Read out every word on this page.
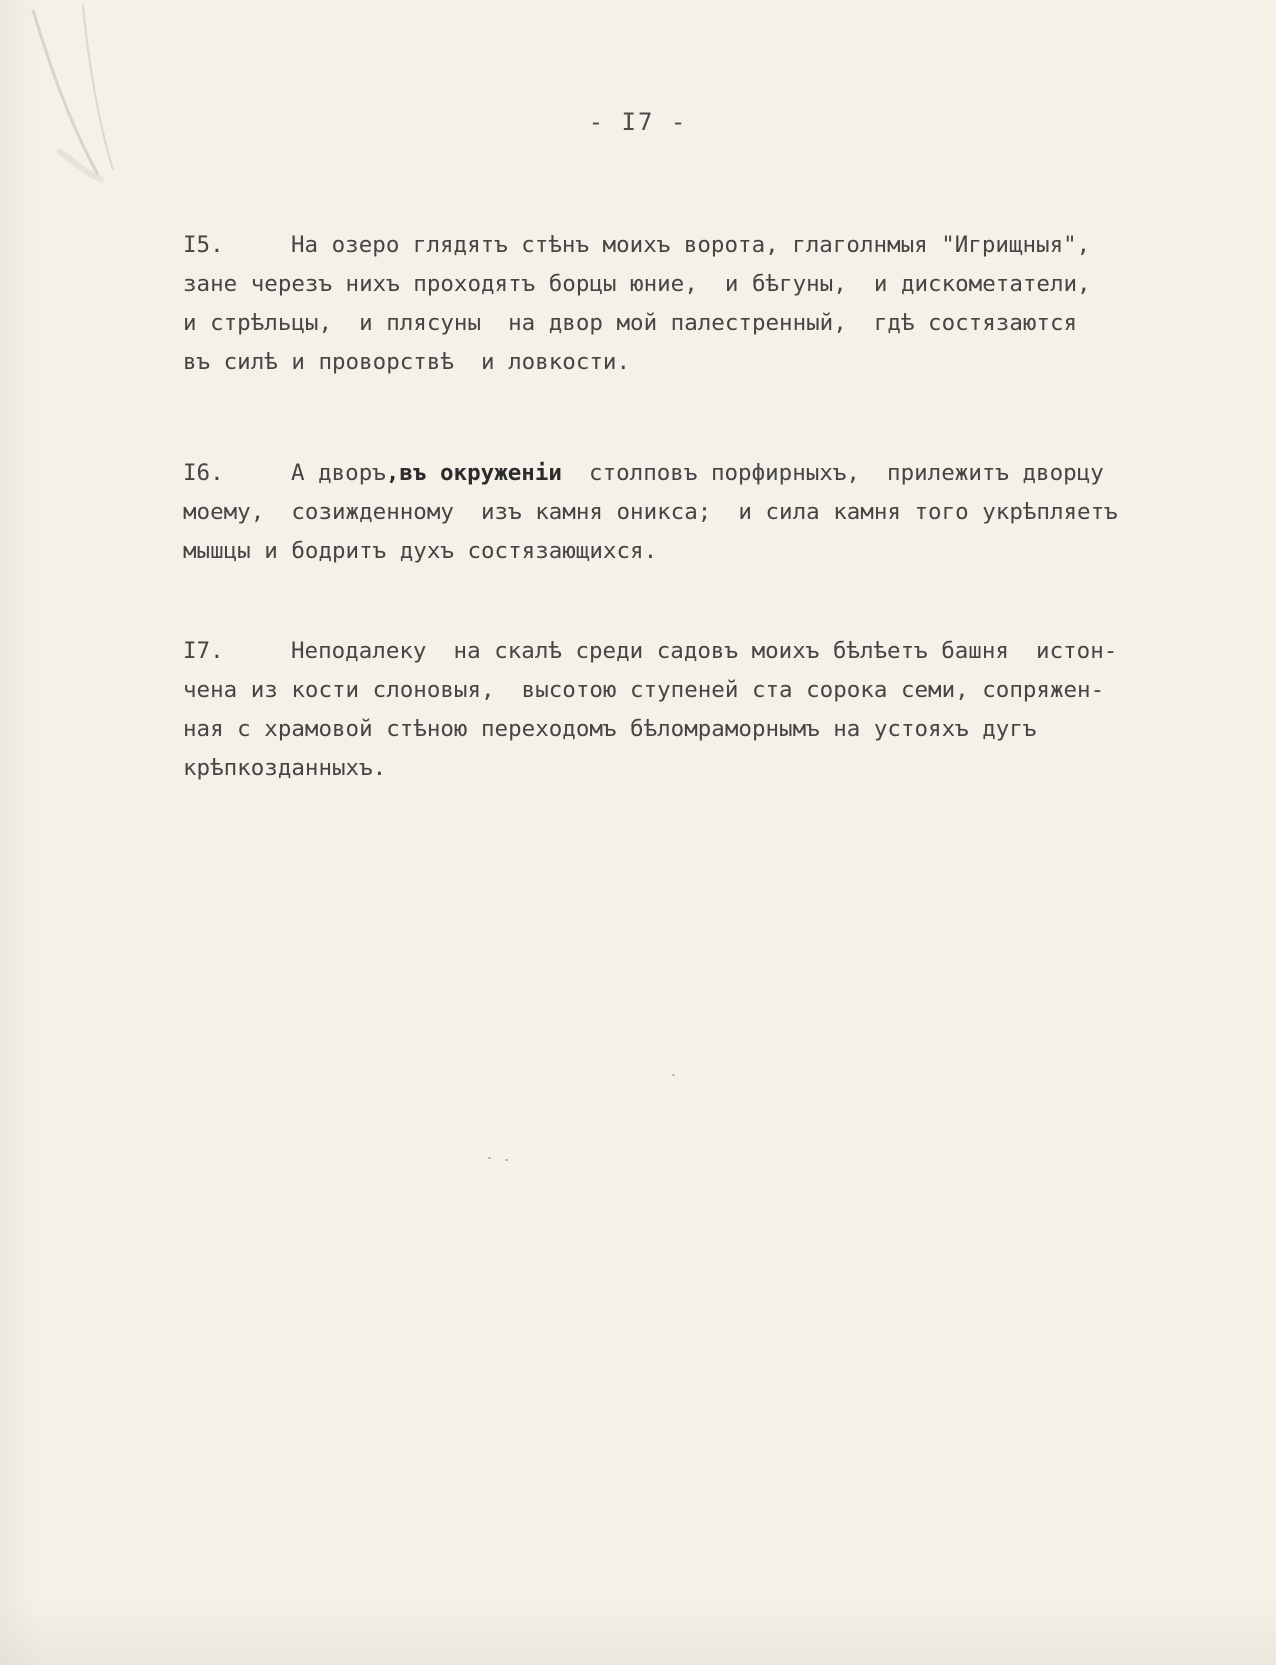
- I7 -
I5.	На озеро глядятъ стѣнъ моихъ ворота, глаголнмыя "Игрищныя",
зане черезъ нихъ проходятъ борцы юние,  и бѣгуны,  и дискометатели,
и стрѣльцы,  и плясуны  на двор мой палестренный,  гдѣ состязаются
въ силѣ и проворствѣ  и ловкости.
I6.	А дворъ,въ окруженіи  столповъ порфирныхъ,  прилежитъ дворцу
моему,  созижденному  изъ камня оникса;  и сила камня того укрѣпляетъ
мышцы и бодритъ духъ состязающихся.
I7.	Неподалеку  на скалѣ среди садовъ моихъ бѣлѣетъ башня  истон-
чена из кости слоновыя,  высотою ступеней ста сорока семи, сопряжен-
ная с храмовой стѣною переходомъ бѣломраморнымъ на устояхъ дугъ
крѣпкозданныхъ.
